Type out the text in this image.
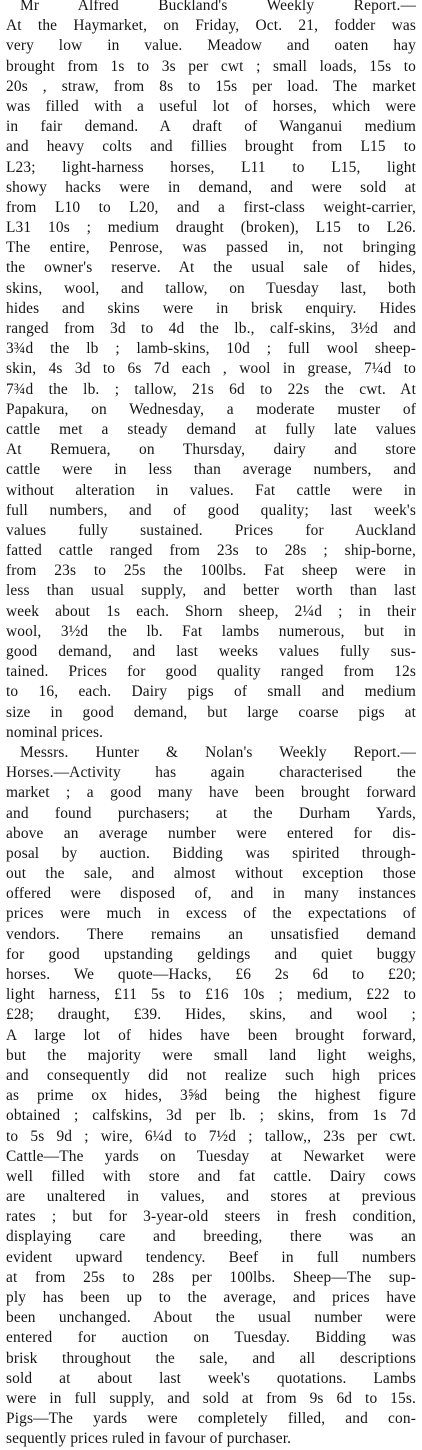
Mr Alfred Buckland's Weekly Report.—
At the Haymarket, on Friday, Oct. 21, fodder was
very low in value. Meadow and oaten hay
brought from 1s to 3s per cwt ; small loads, 15s to
20s , straw, from 8s to 15s per load. The market
was filled with a useful lot of horses, which were
in fair demand. A draft of Wanganui medium
and heavy colts and fillies brought from L15 to
L23; light-harness horses, L11 to L15, light
showy hacks were in demand, and were sold at
from L10 to L20, and a first-class weight-carrier,
L31 10s ; medium draught (broken), L15 to L26.
The entire, Penrose, was passed in, not bringing
the owner's reserve. At the usual sale of hides,
skins, wool, and tallow, on Tuesday last, both
hides and skins were in brisk enquiry. Hides
ranged from 3d to 4d the lb., calf-skins, 3½d and
3¾d the lb ; lamb-skins, 10d ; full wool sheep-
skin, 4s 3d to 6s 7d each , wool in grease, 7¼d to
7¾d the lb. ; tallow, 21s 6d to 22s the cwt. At
Papakura, on Wednesday, a moderate muster of
cattle met a steady demand at fully late values
At Remuera, on Thursday, dairy and store
cattle were in less than average numbers, and
without alteration in values. Fat cattle were in
full numbers, and of good quality; last week's
values fully sustained. Prices for Auckland
fatted cattle ranged from 23s to 28s ; ship-borne,
from 23s to 25s the 100lbs. Fat sheep were in
less than usual supply, and better worth than last
week about 1s each. Shorn sheep, 2¼d ; in their
wool, 3½d the lb. Fat lambs numerous, but in
good demand, and last weeks values fully sus-
tained. Prices for good quality ranged from 12s
to 16, each. Dairy pigs of small and medium
size in good demand, but large coarse pigs at
nominal prices.
Messrs. Hunter & Nolan's Weekly Report.—
Horses.—Activity has again characterised the
market ; a good many have been brought forward
and found purchasers; at the Durham Yards,
above an average number were entered for dis-
posal by auction. Bidding was spirited through-
out the sale, and almost without exception those
offered were disposed of, and in many instances
prices were much in excess of the expectations of
vendors. There remains an unsatisfied demand
for good upstanding geldings and quiet buggy
horses. We quote—Hacks, £6 2s 6d to £20;
light harness, £11 5s to £16 10s ; medium, £22 to
£28; draught, £39. Hides, skins, and wool ;
A large lot of hides have been brought forward,
but the majority were small land light weighs,
and consequently did not realize such high prices
as prime ox hides, 3⅝d being the highest figure
obtained ; calfskins, 3d per lb. ; skins, from 1s 7d
to 5s 9d ; wire, 6¼d to 7½d ; tallow,, 23s per cwt.
Cattle—The yards on Tuesday at Newarket were
well filled with store and fat cattle. Dairy cows
are unaltered in values, and stores at previous
rates ; but for 3-year-old steers in fresh condition,
displaying care and breeding, there was an
evident upward tendency. Beef in full numbers
at from 25s to 28s per 100lbs. Sheep—The sup-
ply has been up to the average, and prices have
been unchanged. About the usual number were
entered for auction on Tuesday. Bidding was
brisk throughout the sale, and all descriptions
sold at about last week's quotations. Lambs
were in full supply, and sold at from 9s 6d to 15s.
Pigs—The yards were completely filled, and con-
sequently prices ruled in favour of purchaser.
